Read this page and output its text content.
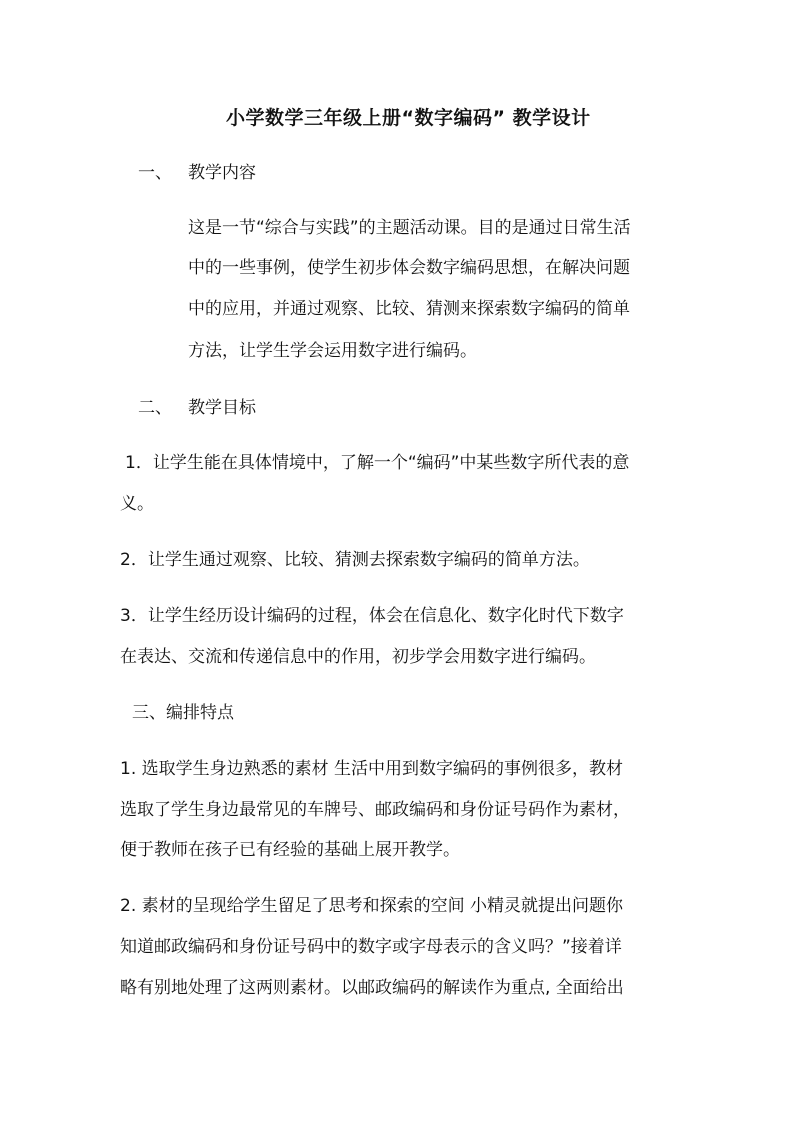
小学数学三年级上册“数字编码” 教学设计
一、 教学内容
这是一节“综合与实践”的主题活动课。目的是通过日常生活
中的一些事例，使学生初步体会数字编码思想，在解决问题
中的应用，并通过观察、比较、猜测来探索数字编码的简单
方法，让学生学会运用数字进行编码。
二、 教学目标
1．让学生能在具体情境中，了解一个“编码”中某些数字所代表的意
义。
2．让学生通过观察、比较、猜测去探索数字编码的简单方法。
3．让学生经历设计编码的过程，体会在信息化、数字化时代下数字
在表达、交流和传递信息中的作用，初步学会用数字进行编码。
三、编排特点
1. 选取学生身边熟悉的素材 生活中用到数字编码的事例很多，教材
选取了学生身边最常见的车牌号、邮政编码和身份证号码作为素材，
便于教师在孩子已有经验的基础上展开教学。
2. 素材的呈现给学生留足了思考和探索的空间 小精灵就提出问题你
知道邮政编码和身份证号码中的数字或字母表示的含义吗？”接着详
略有别地处理了这两则素材。以邮政编码的解读作为重点, 全面给出
